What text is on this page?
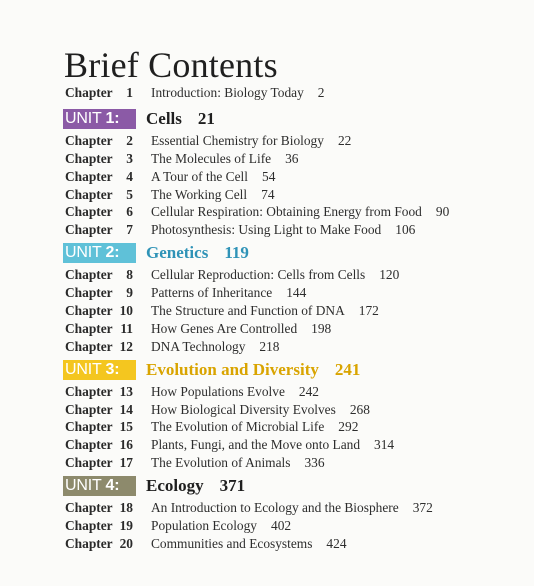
Brief Contents
Chapter 1 Introduction: Biology Today 2
UNIT 1:	Cells 21
Chapter 2 Essential Chemistry for Biology 22
Chapter 3 The Molecules of Life 36
Chapter 4 A Tour of the Cell 54
Chapter 5 The Working Cell 74
Chapter 6 Cellular Respiration: Obtaining Energy from Food 90
Chapter 7 Photosynthesis: Using Light to Make Food 106
UNIT 2:	Genetics 119
Chapter 8 Cellular Reproduction: Cells from Cells 120
Chapter 9 Patterns of Inheritance 144
Chapter 10 The Structure and Function of DNA 172
Chapter 11 How Genes Are Controlled 198
Chapter 12 DNA Technology 218
UNIT 3:	Evolution and Diversity 241
Chapter 13 How Populations Evolve 242
Chapter 14 How Biological Diversity Evolves 268
Chapter 15 The Evolution of Microbial Life 292
Chapter 16 Plants, Fungi, and the Move onto Land 314
Chapter 17 The Evolution of Animals 336
UNIT 4:	Ecology 371
Chapter 18 An Introduction to Ecology and the Biosphere 372
Chapter 19 Population Ecology 402
Chapter 20 Communities and Ecosystems 424
